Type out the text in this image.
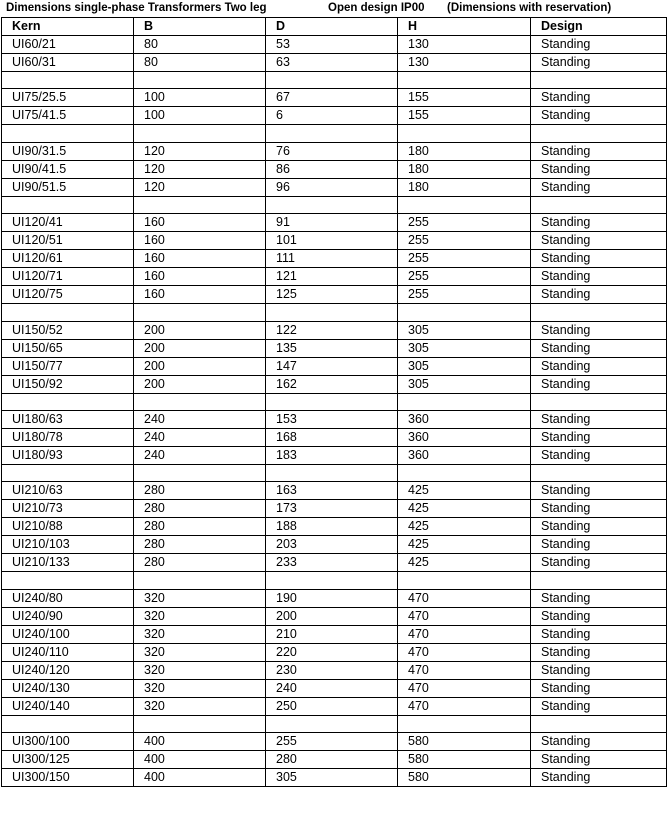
Dimensions single-phase Transformers Two leg	Open design IP00 (Dimensions with reservation)
Kern	B	D	H	Design
UI60/21	80	53	130	Standing
UI60/31	80	63	130	Standing

UI75/25.5	100	67	155	Standing
UI75/41.5	100	6	155	Standing

UI90/31.5	120	76	180	Standing
UI90/41.5	120	86	180	Standing
UI90/51.5	120	96	180	Standing

UI120/41	160	91	255	Standing
UI120/51	160	101	255	Standing
UI120/61	160	111	255	Standing
UI120/71	160	121	255	Standing
UI120/75	160	125	255	Standing

UI150/52	200	122	305	Standing
UI150/65	200	135	305	Standing
UI150/77	200	147	305	Standing
UI150/92	200	162	305	Standing

UI180/63	240	153	360	Standing
UI180/78	240	168	360	Standing
UI180/93	240	183	360	Standing

UI210/63	280	163	425	Standing
UI210/73	280	173	425	Standing
UI210/88	280	188	425	Standing
UI210/103	280	203	425	Standing
UI210/133	280	233	425	Standing

UI240/80	320	190	470	Standing
UI240/90	320	200	470	Standing
UI240/100	320	210	470	Standing
UI240/110	320	220	470	Standing
UI240/120	320	230	470	Standing
UI240/130	320	240	470	Standing
UI240/140	320	250	470	Standing

UI300/100	400	255	580	Standing
UI300/125	400	280	580	Standing
UI300/150	400	305	580	Standing
